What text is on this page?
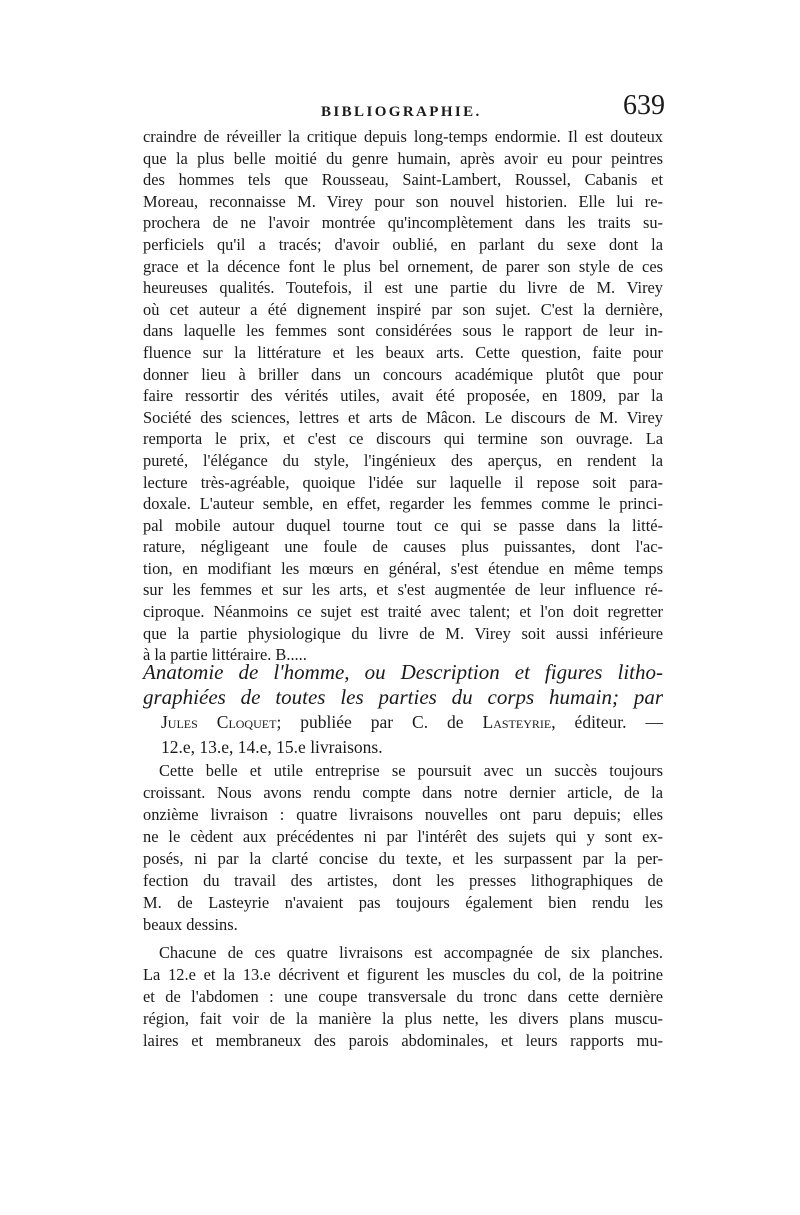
BIBLIOGRAPHIE.	639
craindre de réveiller la critique depuis long-temps endormie. Il est douteux
que la plus belle moitié du genre humain, après avoir eu pour peintres
des hommes tels que Rousseau, Saint-Lambert, Roussel, Cabanis et
Moreau, reconnaisse M. Virey pour son nouvel historien. Elle lui re-
prochera de ne l'avoir montrée qu'incomplètement dans les traits su-
perficiels qu'il a tracés; d'avoir oublié, en parlant du sexe dont la
grace et la décence font le plus bel ornement, de parer son style de ces
heureuses qualités. Toutefois, il est une partie du livre de M. Virey
où cet auteur a été dignement inspiré par son sujet. C'est la dernière,
dans laquelle les femmes sont considérées sous le rapport de leur in-
fluence sur la littérature et les beaux arts. Cette question, faite pour
donner lieu à briller dans un concours académique plutôt que pour
faire ressortir des vérités utiles, avait été proposée, en 1809, par la
Société des sciences, lettres et arts de Mâcon. Le discours de M. Virey
remporta le prix, et c'est ce discours qui termine son ouvrage. La
pureté, l'élégance du style, l'ingénieux des aperçus, en rendent la
lecture très-agréable, quoique l'idée sur laquelle il repose soit para-
doxale. L'auteur semble, en effet, regarder les femmes comme le princi-
pal mobile autour duquel tourne tout ce qui se passe dans la litté-
rature, négligeant une foule de causes plus puissantes, dont l'ac-
tion, en modifiant les mœurs en général, s'est étendue en même temps
sur les femmes et sur les arts, et s'est augmentée de leur influence ré-
ciproque. Néanmoins ce sujet est traité avec talent; et l'on doit regretter
que la partie physiologique du livre de M. Virey soit aussi inférieure
à la partie littéraire. B.....
Anatomie de l'homme, ou Description et figures litho-
graphiées de toutes les parties du corps humain; par
Jules Cloquet; publiée par C. de Lasteyrie, éditeur. —
12.e, 13.e, 14.e, 15.e livraisons.
Cette belle et utile entreprise se poursuit avec un succès toujours
croissant. Nous avons rendu compte dans notre dernier article, de la
onzième livraison : quatre livraisons nouvelles ont paru depuis; elles
ne le cèdent aux précédentes ni par l'intérêt des sujets qui y sont ex-
posés, ni par la clarté concise du texte, et les surpassent par la per-
fection du travail des artistes, dont les presses lithographiques de
M. de Lasteyrie n'avaient pas toujours également bien rendu les
beaux dessins.
Chacune de ces quatre livraisons est accompagnée de six planches.
La 12.e et la 13.e décrivent et figurent les muscles du col, de la poitrine
et de l'abdomen : une coupe transversale du tronc dans cette dernière
région, fait voir de la manière la plus nette, les divers plans muscu-
laires et membraneux des parois abdominales, et leurs rapports mu-
